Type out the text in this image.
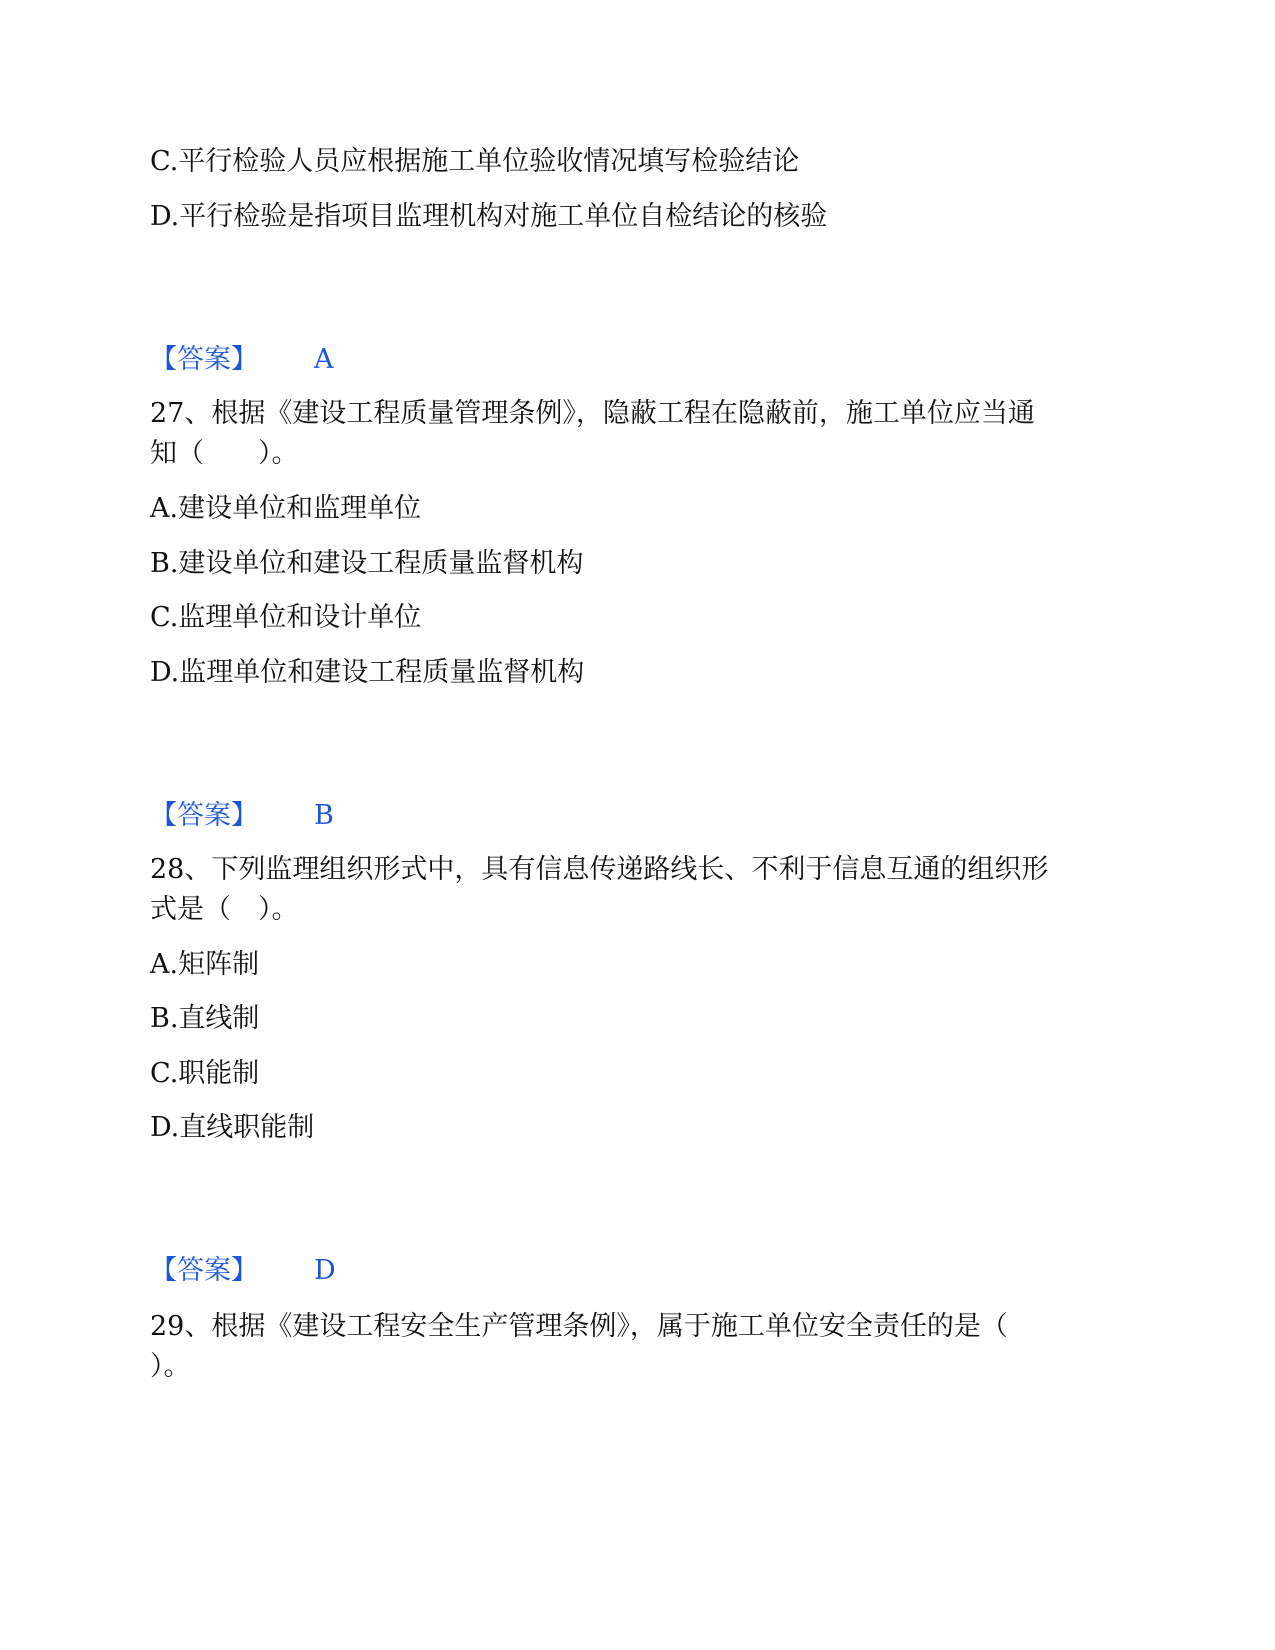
C.平行检验人员应根据施工单位验收情况填写检验结论
D.平行检验是指项目监理机构对施工单位自检结论的核验
【答案】 A
27、根据《建设工程质量管理条例》，隐蔽工程在隐蔽前，施工单位应当通
知（　　）。
A.建设单位和监理单位
B.建设单位和建设工程质量监督机构
C.监理单位和设计单位
D.监理单位和建设工程质量监督机构
【答案】 B
28、下列监理组织形式中，具有信息传递路线长、不利于信息互通的组织形
式是（　）。
A.矩阵制
B.直线制
C.职能制
D.直线职能制
【答案】 D
29、根据《建设工程安全生产管理条例》，属于施工单位安全责任的是（
）。
